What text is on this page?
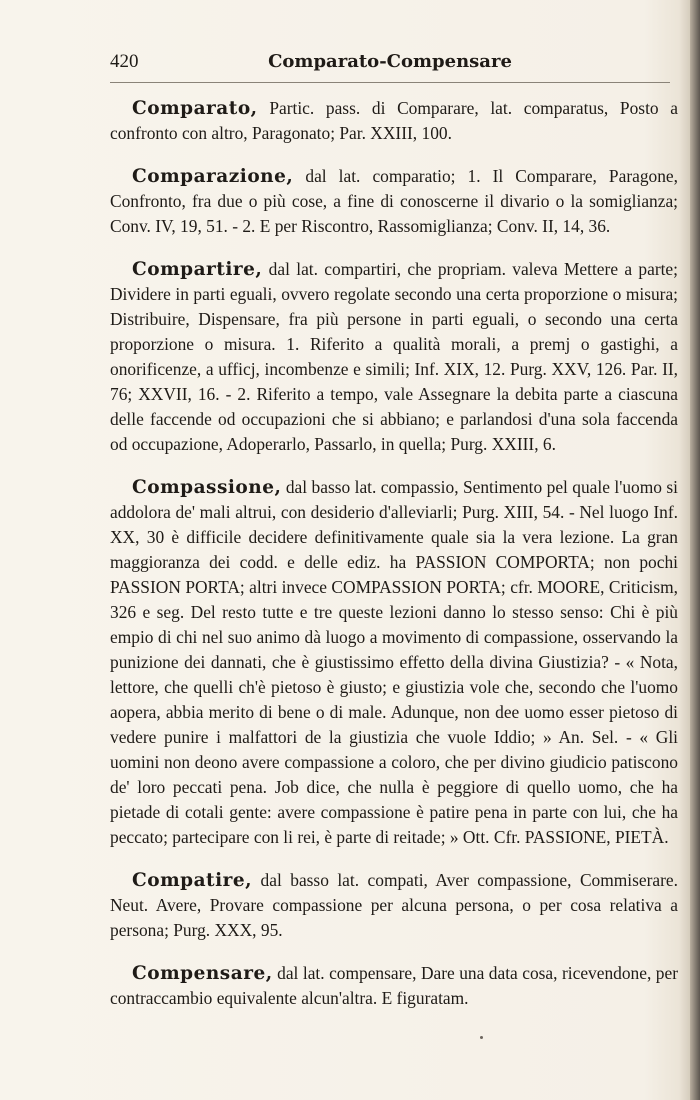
420	Comparato-Compensare

Comparato, Partic. pass. di Comparare, lat. comparatus, Posto a confronto con altro, Paragonato; Par. XXIII, 100.

Comparazione, dal lat. comparatio; 1. Il Comparare, Paragone, Confronto, fra due o più cose, a fine di conoscerne il divario o la somiglianza; Conv. IV, 19, 51. - 2. E per Riscontro, Rassomiglianza; Conv. II, 14, 36.

Compartire, dal lat. compartiri, che propriam. valeva Mettere a parte; Dividere in parti eguali, ovvero regolate secondo una certa proporzione o misura; Distribuire, Dispensare, fra più persone in parti eguali, o secondo una certa proporzione o misura. 1. Riferito a qualità morali, a premj o gastighi, a onorificenze, a ufficj, incombenze e simili; Inf. XIX, 12. Purg. XXV, 126. Par. II, 76; XXVII, 16. - 2. Riferito a tempo, vale Assegnare la debita parte a ciascuna delle faccende od occupazioni che si abbiano; e parlandosi d'una sola faccenda od occupazione, Adoperarlo, Passarlo, in quella; Purg. XXIII, 6.

Compassione, dal basso lat. compassio, Sentimento pel quale l'uomo si addolora de' mali altrui, con desiderio d'alleviarli; Purg. XIII, 54. - Nel luogo Inf. XX, 30 è difficile decidere definitivamente quale sia la vera lezione. La gran maggioranza dei codd. e delle ediz. ha PASSION COMPORTA; non pochi PASSION PORTA; altri invece COMPASSION PORTA; cfr. MOORE, Criticism, 326 e seg. Del resto tutte e tre queste lezioni danno lo stesso senso: Chi è più empio di chi nel suo animo dà luogo a movimento di compassione, osservando la punizione dei dannati, che è giustissimo effetto della divina Giustizia? - « Nota, lettore, che quelli ch'è pietoso è giusto; e giustizia vole che, secondo che l'uomo aopera, abbia merito di bene o di male. Adunque, non dee uomo esser pietoso di vedere punire i malfattori de la giustizia che vuole Iddio; » An. Sel. - « Gli uomini non deono avere compassione a coloro, che per divino giudicio patiscono de' loro peccati pena. Job dice, che nulla è peggiore di quello uomo, che ha pietade di cotali gente: avere compassione è patire pena in parte con lui, che ha peccato; partecipare con li rei, è parte di reitade; » Ott. Cfr. PASSIONE, PIETÀ.

Compatire, dal basso lat. compati, Aver compassione, Commiserare. Neut. Avere, Provare compassione per alcuna persona, o per cosa relativa a persona; Purg. XXX, 95.

Compensare, dal lat. compensare, Dare una data cosa, ricevendone, per contraccambio equivalente alcun'altra. E figuratam.
